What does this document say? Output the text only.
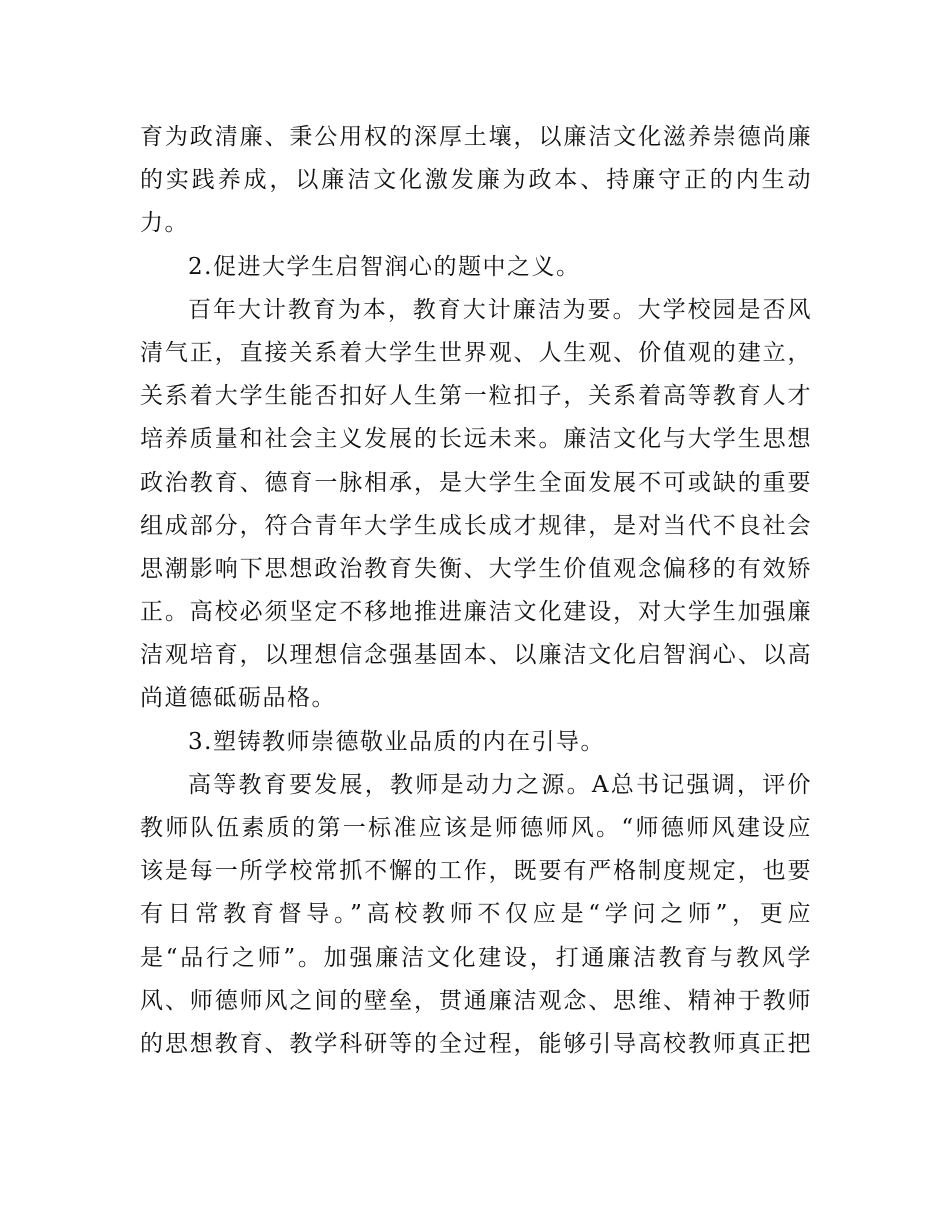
育为政清廉、秉公用权的深厚土壤，以廉洁文化滋养崇德尚廉
的实践养成，以廉洁文化激发廉为政本、持廉守正的内生动
力。
2.促进大学生启智润心的题中之义。
百年大计教育为本，教育大计廉洁为要。大学校园是否风
清气正，直接关系着大学生世界观、人生观、价值观的建立，
关系着大学生能否扣好人生第一粒扣子，关系着高等教育人才
培养质量和社会主义发展的长远未来。廉洁文化与大学生思想
政治教育、德育一脉相承，是大学生全面发展不可或缺的重要
组成部分，符合青年大学生成长成才规律，是对当代不良社会
思潮影响下思想政治教育失衡、大学生价值观念偏移的有效矫
正。高校必须坚定不移地推进廉洁文化建设，对大学生加强廉
洁观培育，以理想信念强基固本、以廉洁文化启智润心、以高
尚道德砥砺品格。
3.塑铸教师崇德敬业品质的内在引导。
高等教育要发展，教师是动力之源。A总书记强调，评价
教师队伍素质的第一标准应该是师德师风。“师德师风建设应
该是每一所学校常抓不懈的工作，既要有严格制度规定，也要
有日常教育督导。”高校教师不仅应是“学问之师”，更应
是“品行之师”。加强廉洁文化建设，打通廉洁教育与教风学
风、师德师风之间的壁垒，贯通廉洁观念、思维、精神于教师
的思想教育、教学科研等的全过程，能够引导高校教师真正把
